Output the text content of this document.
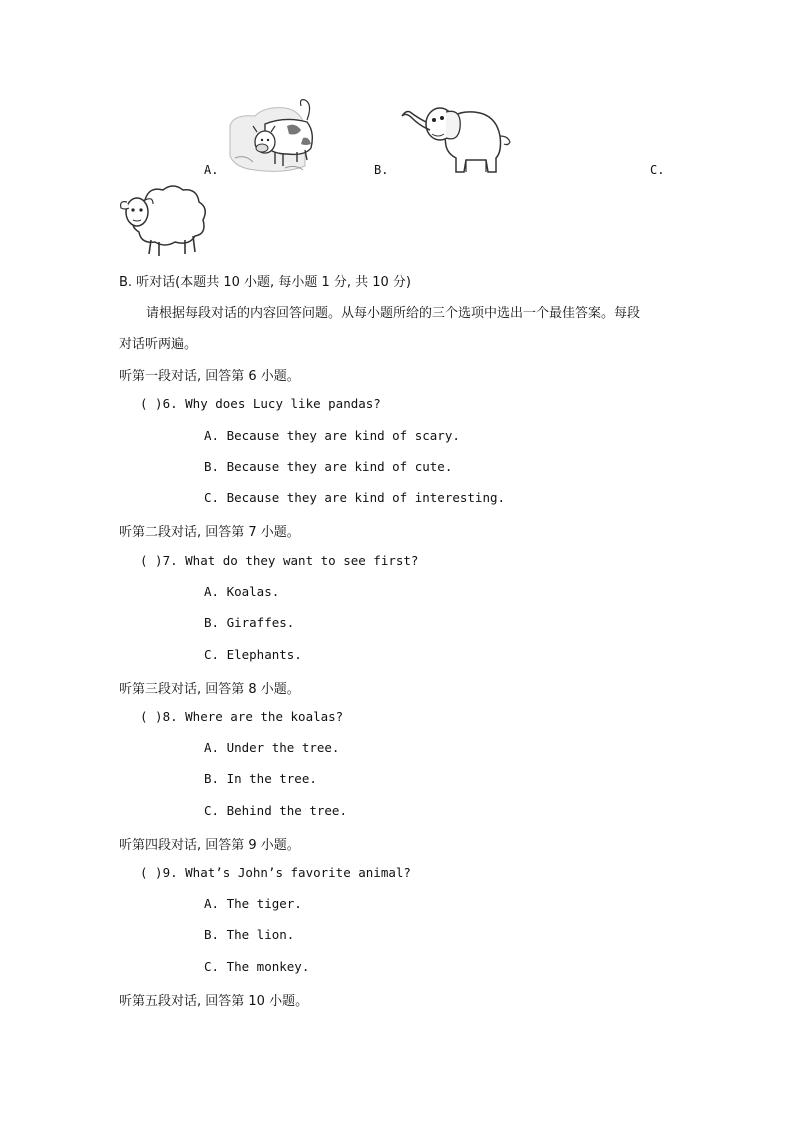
A.	B.	C.
B. 听对话(本题共 10 小题, 每小题 1 分, 共 10 分)
请根据每段对话的内容回答问题。从每小题所给的三个选项中选出一个最佳答案。每段
对话听两遍。
听第一段对话, 回答第 6 小题。
( )6. Why does Lucy like pandas?
A. Because they are kind of scary.
B. Because they are kind of cute.
C. Because they are kind of interesting.
听第二段对话, 回答第 7 小题。
( )7. What do they want to see first?
A. Koalas.
B. Giraffes.
C. Elephants.
听第三段对话, 回答第 8 小题。
( )8. Where are the koalas?
A. Under the tree.
B. In the tree.
C. Behind the tree.
听第四段对话, 回答第 9 小题。
( )9. What’s John’s favorite animal?
A. The tiger.
B. The lion.
C. The monkey.
听第五段对话, 回答第 10 小题。
